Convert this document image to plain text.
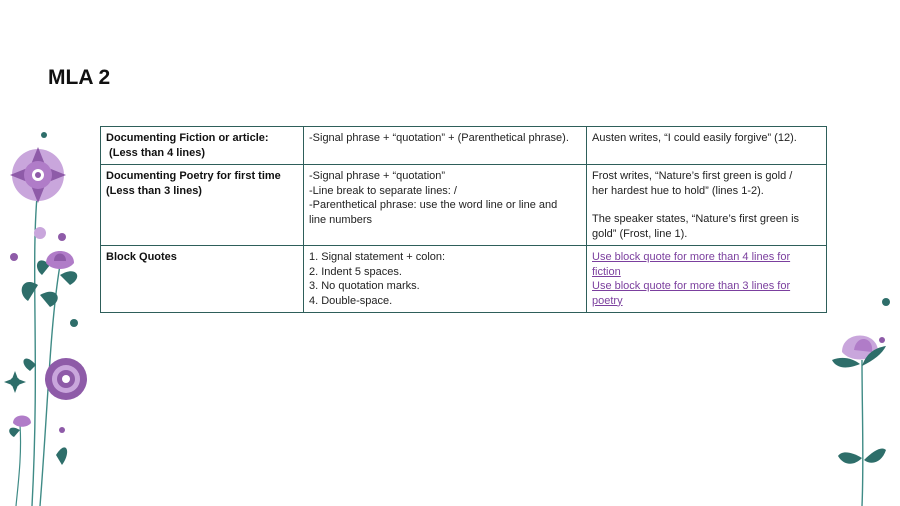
MLA 2
Documenting Fiction or article:
(Less than 4 lines)	-Signal phrase + “quotation” + (Parenthetical phrase).	Austen writes, “I could easily forgive” (12).

Documenting Poetry for first time
(Less than 3 lines)	-Signal phrase + “quotation”
-Line break to separate lines: /
-Parenthetical phrase: use the word line or line and
line numbers	Frost writes, “Nature’s first green is gold /
her hardest hue to hold” (lines 1-2).
The speaker states, “Nature’s first green is
gold” (Frost, line 1).

Block Quotes	1. Signal statement + colon:
2. Indent 5 spaces.
3. No quotation marks.
4. Double-space.	Use block quote for more than 4 lines for
fiction
Use block quote for more than 3 lines for
poetry
